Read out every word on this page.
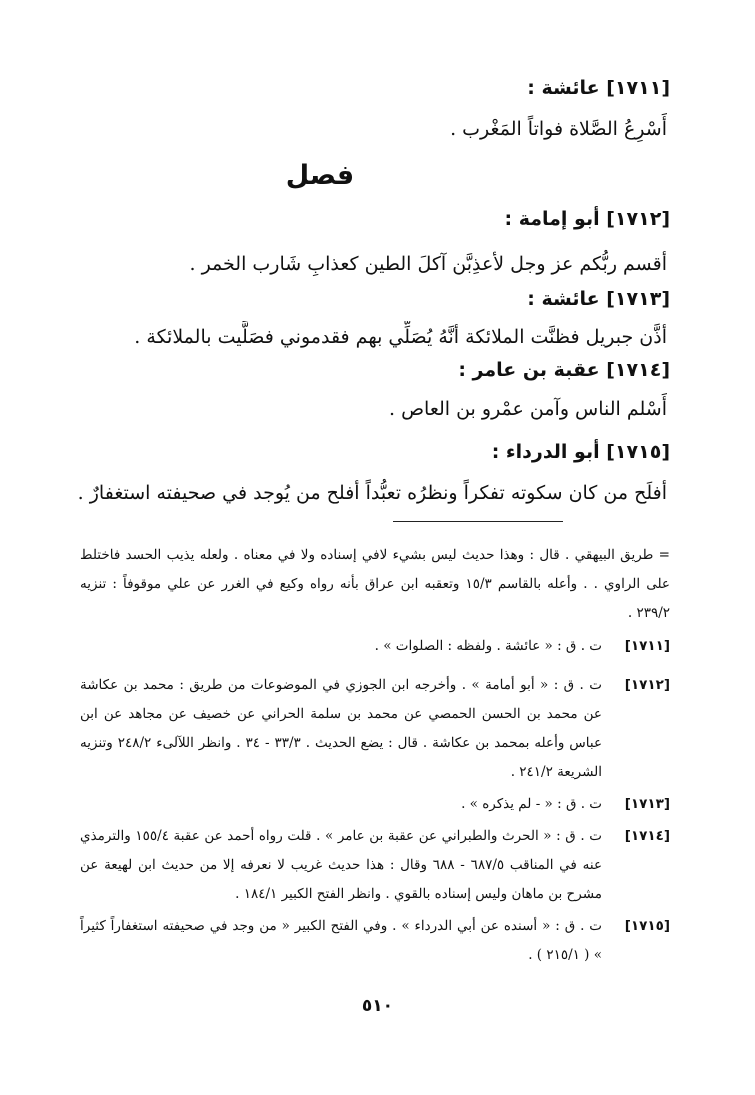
[١٧١١] عائشة :
أَسْرِعُ الصَّلاة فواتاً المَغْرب .
فصل
[١٧١٢] أبو إمامة :
أقسم ربُّكم عز وجل لأعذِبَّن آكلَ الطين كعذابِ شَارب الخمر .
[١٧١٣] عائشة :
أذَّن جبريل فظنَّت الملائكة أنَّهُ يُصَلِّي بهم فقدموني فصَلَّيت بالملائكة .
[١٧١٤] عقبة بن عامر :
أَسْلم الناس وآمن عمْرو بن العاص .
[١٧١٥] أبو الدرداء :
أفلَح من كان سكوته تفكراً ونظرُه تعبُّداً أفلح من يُوجد في صحيفته استغفارٌ .
= طريق البيهقي . قال : وهذا حديث ليس بشيء لافي إسناده ولا في معناه . ولعله يذيب الحسد فاختلط على الراوي . . وأعله بالقاسم ١٥/٣ وتعقبه ابن عراق بأنه رواه وكيع في الغرر عن علي موقوفاً : تنزيه ٢٣٩/٢ .
[١٧١١]
ت . ق : « عائشة . ولفظه : الصلوات » .
[١٧١٢]
ت . ق : « أبو أمامة » . وأخرجه ابن الجوزي في الموضوعات من طريق : محمد بن عكاشة عن محمد بن الحسن الحمصي عن محمد بن سلمة الحراني عن خصيف عن مجاهد عن ابن عباس وأعله بمحمد بن عكاشة . قال : يضع الحديث . ٣٣/٣ - ٣٤ . وانظر اللآلىء ٢٤٨/٢ وتنزيه الشريعة ٢٤١/٢ .
[١٧١٣]
ت . ق : « - لم يذكره » .
[١٧١٤]
ت . ق : « الحرث والطبراني عن عقبة بن عامر » . قلت رواه أحمد عن عقبة ١٥٥/٤ والترمذي عنه في المناقب ٦٨٧/٥ - ٦٨٨ وقال : هذا حديث غريب لا نعرفه إلا من حديث ابن لهيعة عن مشرح بن ماهان وليس إسناده بالقوي . وانظر الفتح الكبير ١٨٤/١ .
[١٧١٥]
ت . ق : « أسنده عن أبي الدرداء » . وفي الفتح الكبير « من وجد في صحيفته استغفاراً كثيراً » ( ٢١٥/١ ) .
٥١٠
